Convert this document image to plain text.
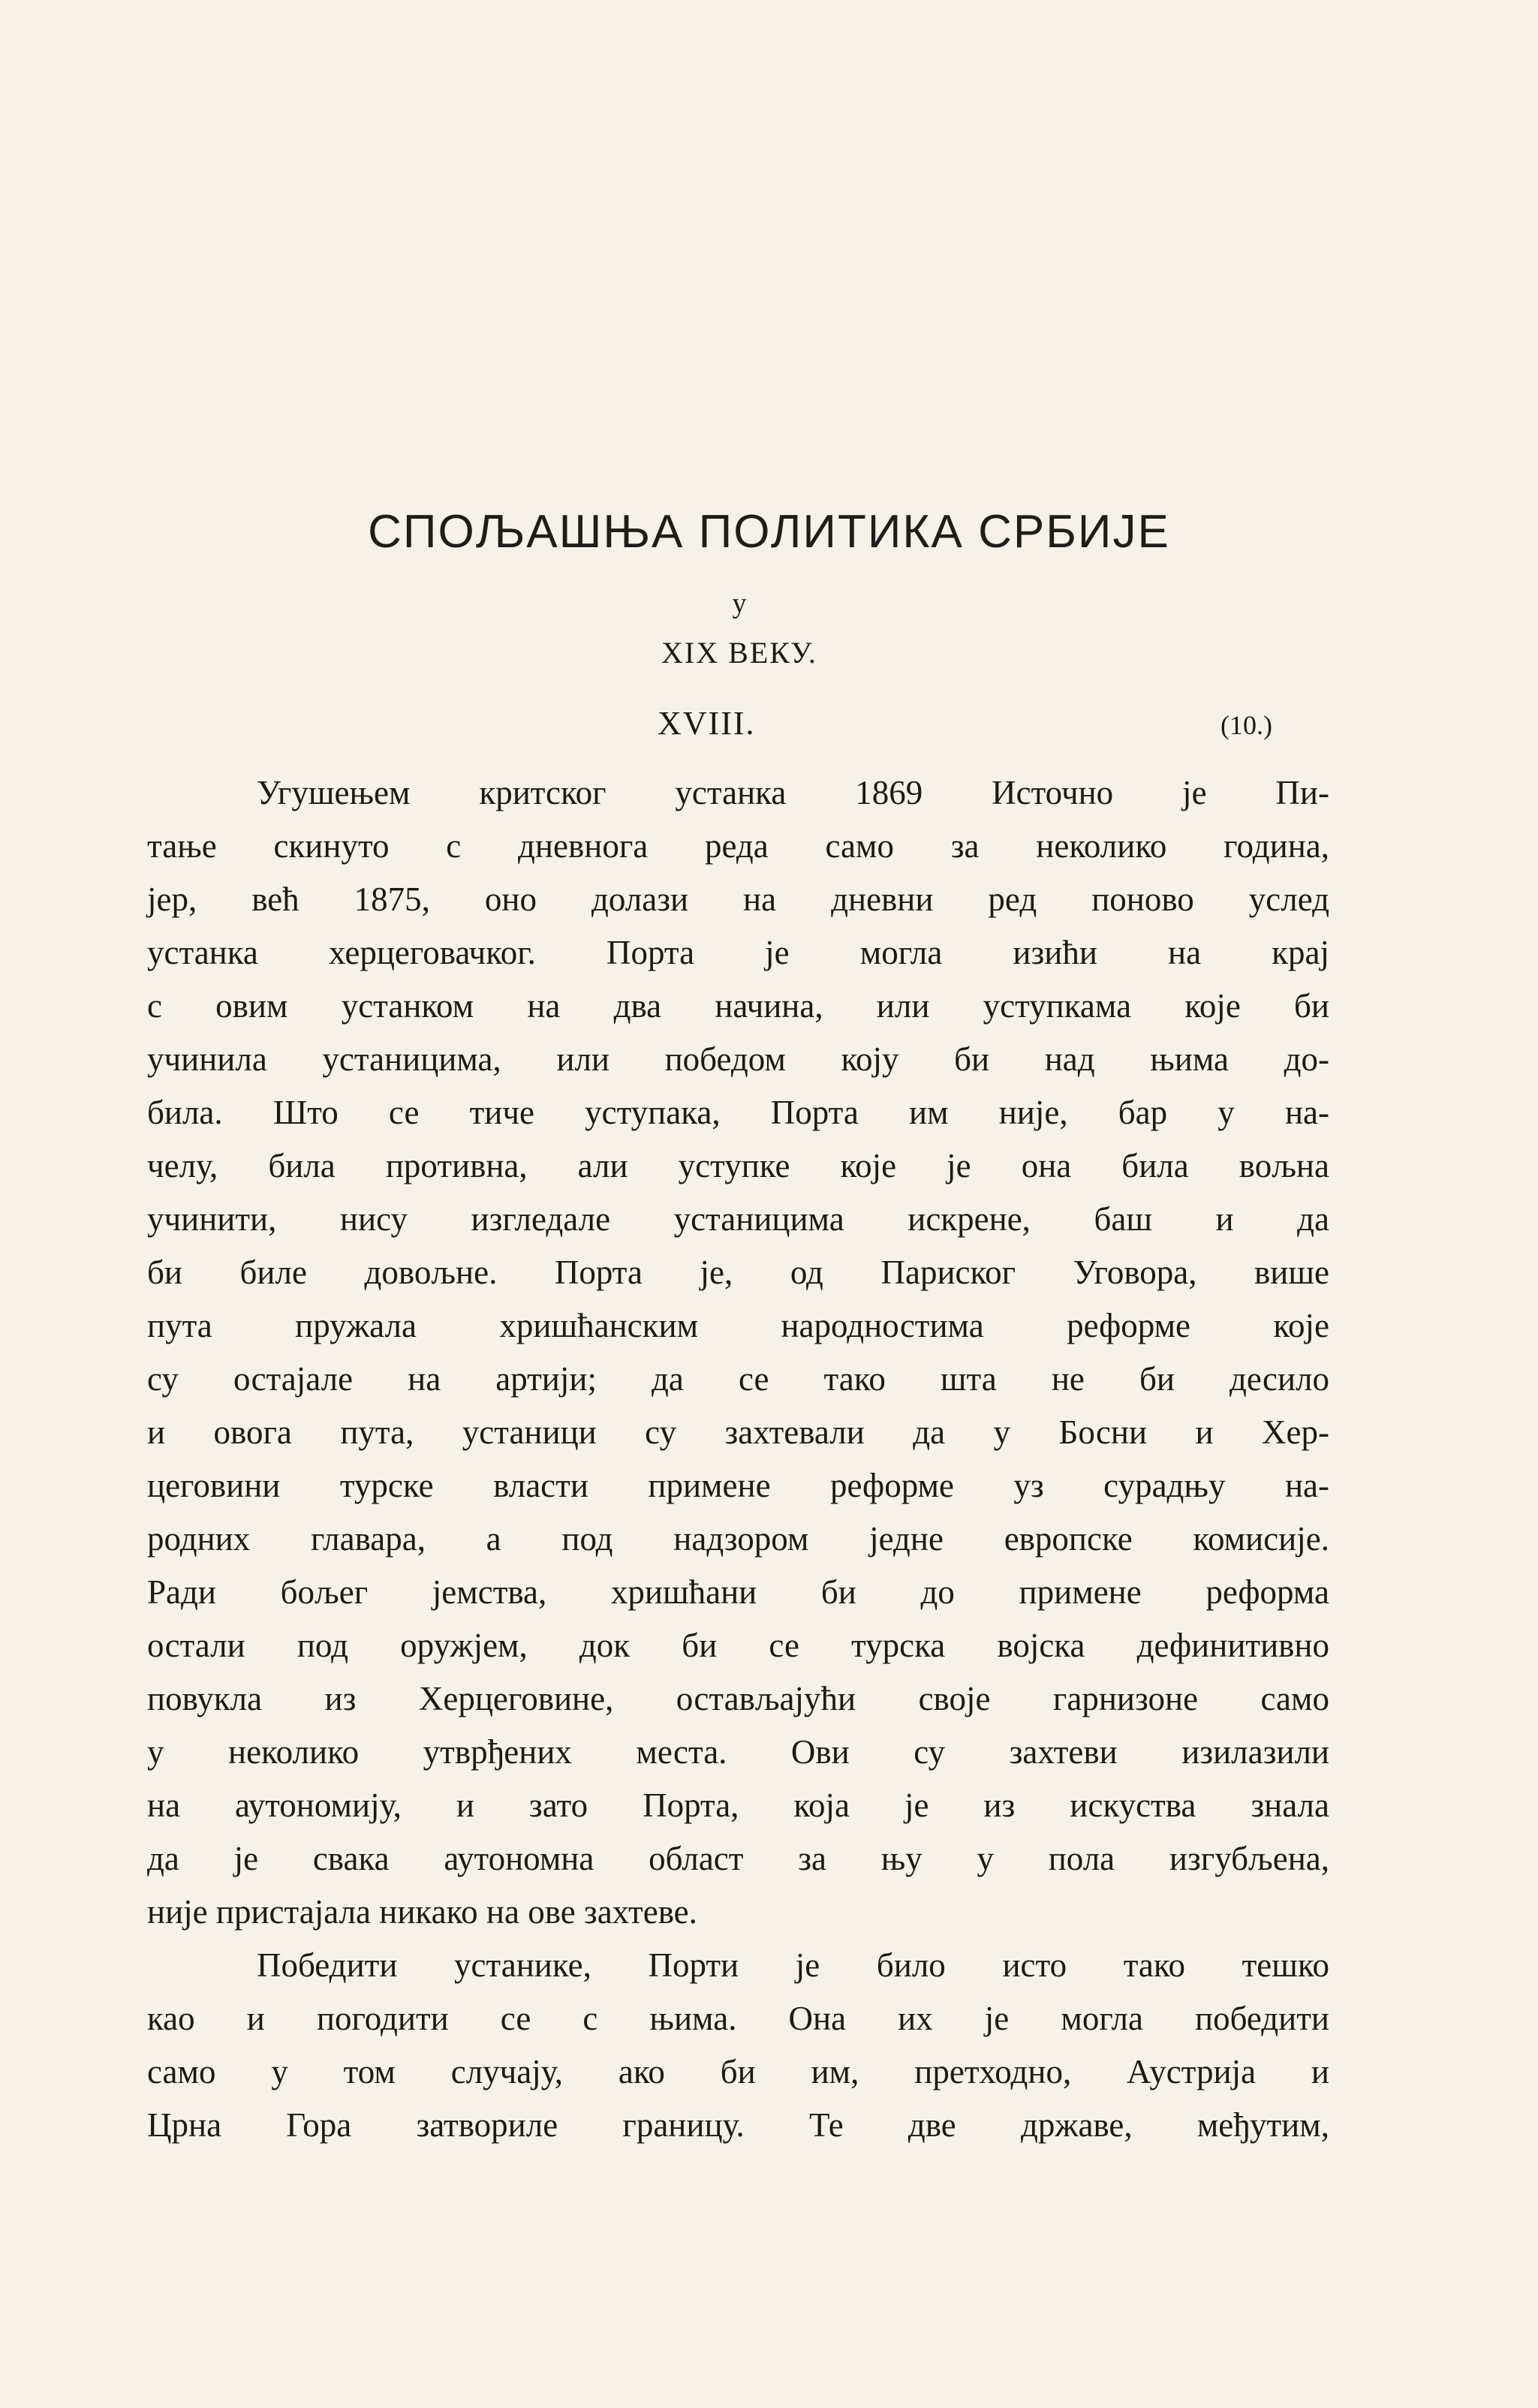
СПОЉАШЊА ПОЛИТИКА СРБИЈЕ
у
XIX ВЕКУ.
XVIII.	(10.)
Угушењем критског устанка 1869 Источно је Пи-
тање скинуто с дневнога реда само за неколико година,
јер, већ 1875, оно долази на дневни ред поново услед
устанка херцеговачког. Порта је могла изићи на крај
с овим устанком на два начина, или уступкама које би
учинила устаницима, или победом коју би над њима до-
била. Што се тиче уступака, Порта им није, бар у на-
челу, била противна, али уступке које је она била вољна
учинити, нису изгледале устаницима искрене, баш и да
би биле довољне. Порта је, од Париског Уговора, више
пута пружала хришћанским народностима реформе које
су остајале на артији; да се тако шта не би десило
и овога пута, устаници су захтевали да у Босни и Хер-
цеговини турске власти примене реформе уз сурадњу на-
родних главара, а под надзором једне европске комисије.
Ради бољег јемства, хришћани би до примене реформа
остали под оружјем, док би се турска војска дефинитивно
повукла из Херцеговине, остављајући своје гарнизоне само
у неколико утврђених места. Ови су захтеви изилазили
на аутономију, и зато Порта, која је из искуства знала
да је свака аутономна област за њу у пола изгубљена,
није пристајала никако на ове захтеве.
Победити устанике, Порти је било исто тако тешко
као и погодити се с њима. Она их је могла победити
само у том случају, ако би им, претходно, Аустрија и
Црна Гора затвориле границу. Те две државе, међутим,
